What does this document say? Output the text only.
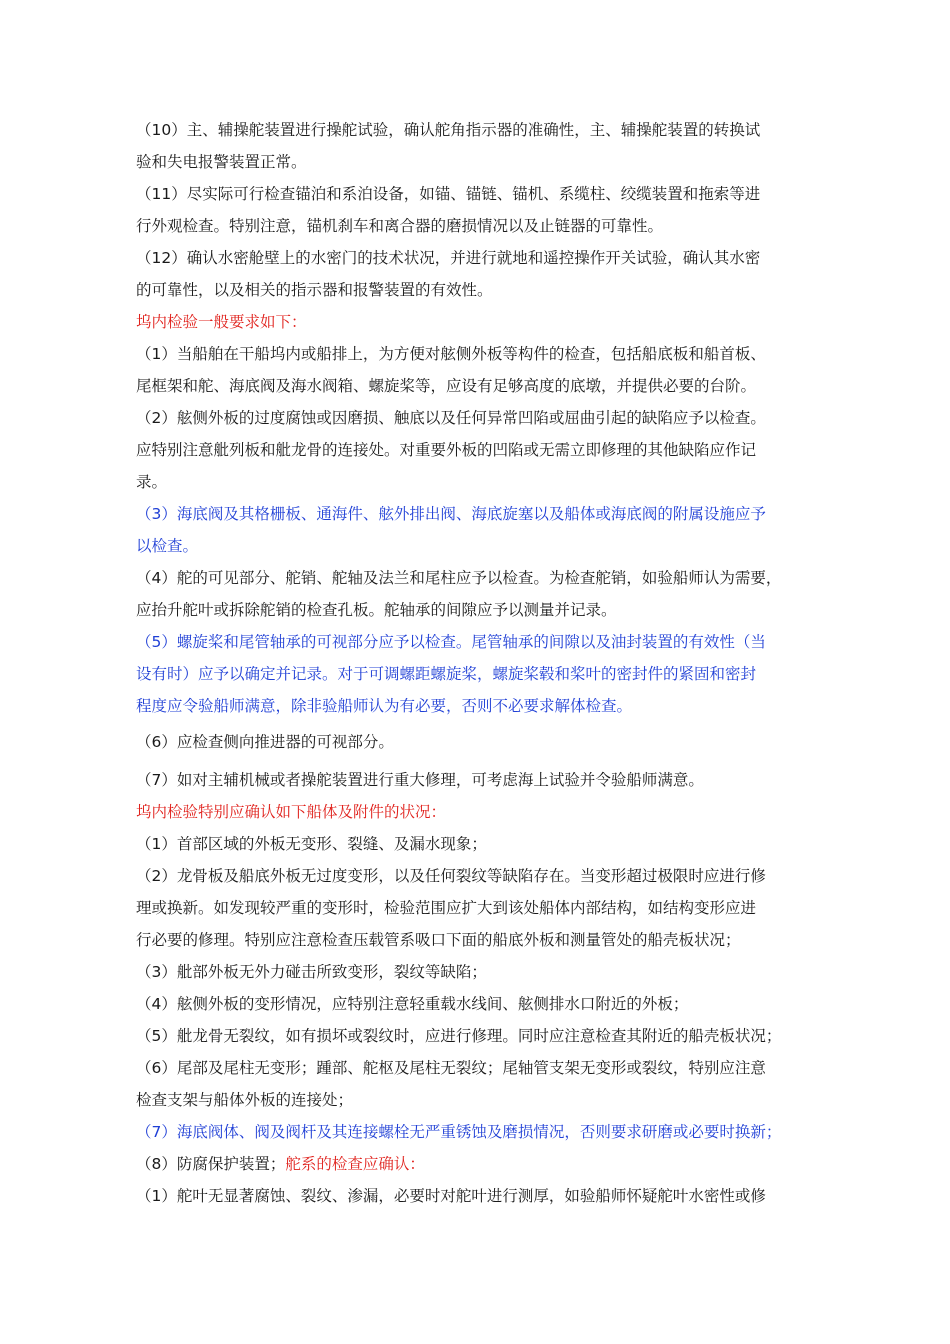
（10）主、辅操舵装置进行操舵试验，确认舵角指示器的准确性，主、辅操舵装置的转换试
验和失电报警装置正常。
（11）尽实际可行检查锚泊和系泊设备，如锚、锚链、锚机、系缆柱、绞缆装置和拖索等进
行外观检查。特别注意，锚机刹车和离合器的磨损情况以及止链器的可靠性。
（12）确认水密舱壁上的水密门的技术状况，并进行就地和遥控操作开关试验，确认其水密
的可靠性，以及相关的指示器和报警装置的有效性。
坞内检验一般要求如下：
（1）当船舶在干船坞内或船排上，为方便对舷侧外板等构件的检查，包括船底板和船首板、
尾框架和舵、海底阀及海水阀箱、螺旋桨等，应设有足够高度的底墩，并提供必要的台阶。
（2）舷侧外板的过度腐蚀或因磨损、触底以及任何异常凹陷或屈曲引起的缺陷应予以检查。
应特别注意舭列板和舭龙骨的连接处。对重要外板的凹陷或无需立即修理的其他缺陷应作记
录。
（3）海底阀及其格栅板、通海件、舷外排出阀、海底旋塞以及船体或海底阀的附属设施应予
以检查。
（4）舵的可见部分、舵销、舵轴及法兰和尾柱应予以检查。为检查舵销，如验船师认为需要，
应抬升舵叶或拆除舵销的检查孔板。舵轴承的间隙应予以测量并记录。
（5）螺旋桨和尾管轴承的可视部分应予以检查。尾管轴承的间隙以及油封装置的有效性（当
设有时）应予以确定并记录。对于可调螺距螺旋桨，螺旋桨毂和桨叶的密封件的紧固和密封
程度应令验船师满意，除非验船师认为有必要，否则不必要求解体检查。
（6）应检查侧向推进器的可视部分。
（7）如对主辅机械或者操舵装置进行重大修理，可考虑海上试验并令验船师满意。
坞内检验特别应确认如下船体及附件的状况：
（1）首部区域的外板无变形、裂缝、及漏水现象；
（2）龙骨板及船底外板无过度变形，以及任何裂纹等缺陷存在。当变形超过极限时应进行修
理或换新。如发现较严重的变形时，检验范围应扩大到该处船体内部结构，如结构变形应进
行必要的修理。特别应注意检查压载管系吸口下面的船底外板和测量管处的船壳板状况；
（3）舭部外板无外力碰击所致变形，裂纹等缺陷；
（4）舷侧外板的变形情况，应特别注意轻重载水线间、舷侧排水口附近的外板；
（5）舭龙骨无裂纹，如有损坏或裂纹时，应进行修理。同时应注意检查其附近的船壳板状况；
（6）尾部及尾柱无变形；踵部、舵枢及尾柱无裂纹；尾轴管支架无变形或裂纹，特别应注意
检查支架与船体外板的连接处；
（7）海底阀体、阀及阀杆及其连接螺栓无严重锈蚀及磨损情况，否则要求研磨或必要时换新；
（8）防腐保护装置；舵系的检查应确认：
（1）舵叶无显著腐蚀、裂纹、渗漏，必要时对舵叶进行测厚，如验船师怀疑舵叶水密性或修
